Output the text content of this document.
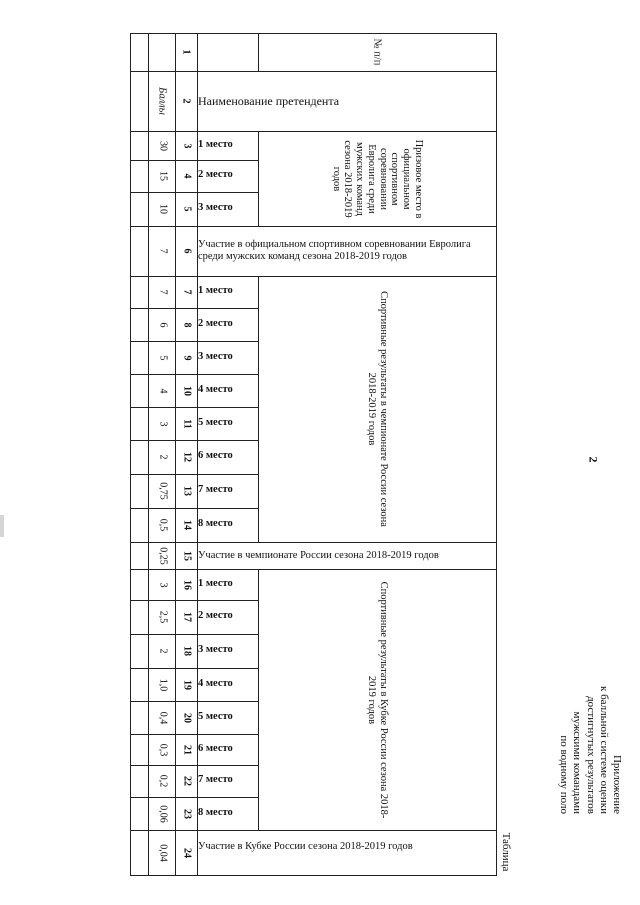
2
Приложение
к балльной системе оценки
достигнутых результатов
мужскими командами
по водному поло
Таблица
№ п/п
1
Баллы 2 Наименование претендента
Призовое место в официальном спортивном соревновании Евролига среди мужских команд сезона 2018-2019 годов
Спортивные результаты в чемпионате России сезона 2018-2019 годов
Спортивные результаты в Кубке России сезона 2018-2019 годов
30 3 1 место
15 4 2 место
10 5 3 место
7 6
Участие в официальном спортивном соревновании Евролига среди мужских команд сезона 2018-2019 годов
7 7 1 место
6 8 2 место
5 9 3 место
4 10 4 место
3 11 5 место
2 12 6 место
0,75 13 7 место
0,5 14 8 место
0,25 15 Участие в чемпионате России сезона 2018-2019 годов
3 16 1 место
2,5 17 2 место
2 18 3 место
1,0 19 4 место
0,4 20 5 место
0,3 21 6 место
0,2 22 7 место
0,06 23 8 место
0,04 24
Участие в Кубке России сезона 2018-2019 годов
